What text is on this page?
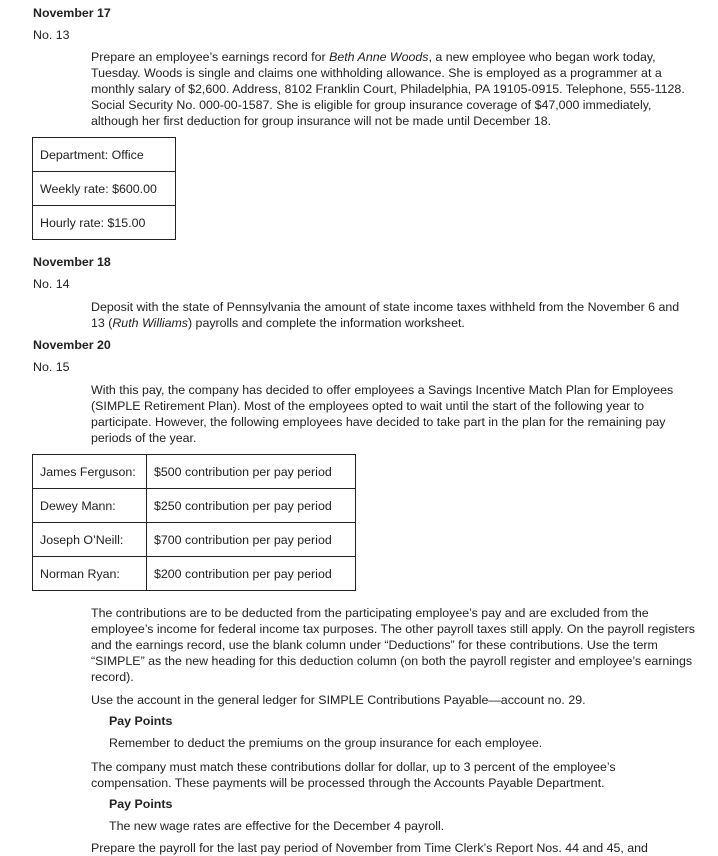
November 17
No. 13
Prepare an employee’s earnings record for Beth Anne Woods, a new employee who began work today, Tuesday. Woods is single and claims one withholding allowance. She is employed as a programmer at a monthly salary of $2,600. Address, 8102 Franklin Court, Philadelphia, PA 19105-0915. Telephone, 555-1128. Social Security No. 000-00-1587. She is eligible for group insurance coverage of $47,000 immediately, although her first deduction for group insurance will not be made until December 18.
Department: Office
Weekly rate: $600.00
Hourly rate: $15.00
November 18
No. 14
Deposit with the state of Pennsylvania the amount of state income taxes withheld from the November 6 and 13 (Ruth Williams) payrolls and complete the information worksheet.
November 20
No. 15
With this pay, the company has decided to offer employees a Savings Incentive Match Plan for Employees (SIMPLE Retirement Plan). Most of the employees opted to wait until the start of the following year to participate. However, the following employees have decided to take part in the plan for the remaining pay periods of the year.
James Ferguson:	$500 contribution per pay period
Dewey Mann:	$250 contribution per pay period
Joseph O’Neill:	$700 contribution per pay period
Norman Ryan:	$200 contribution per pay period
The contributions are to be deducted from the participating employee’s pay and are excluded from the employee’s income for federal income tax purposes. The other payroll taxes still apply. On the payroll registers and the earnings record, use the blank column under “Deductions” for these contributions. Use the term “SIMPLE” as the new heading for this deduction column (on both the payroll register and employee’s earnings record).
Use the account in the general ledger for SIMPLE Contributions Payable—account no. 29.
Pay Points
Remember to deduct the premiums on the group insurance for each employee.
The company must match these contributions dollar for dollar, up to 3 percent of the employee’s compensation. These payments will be processed through the Accounts Payable Department.
Pay Points
The new wage rates are effective for the December 4 payroll.
Prepare the payroll for the last pay period of November from Time Clerk’s Report Nos. 44 and 45, and
